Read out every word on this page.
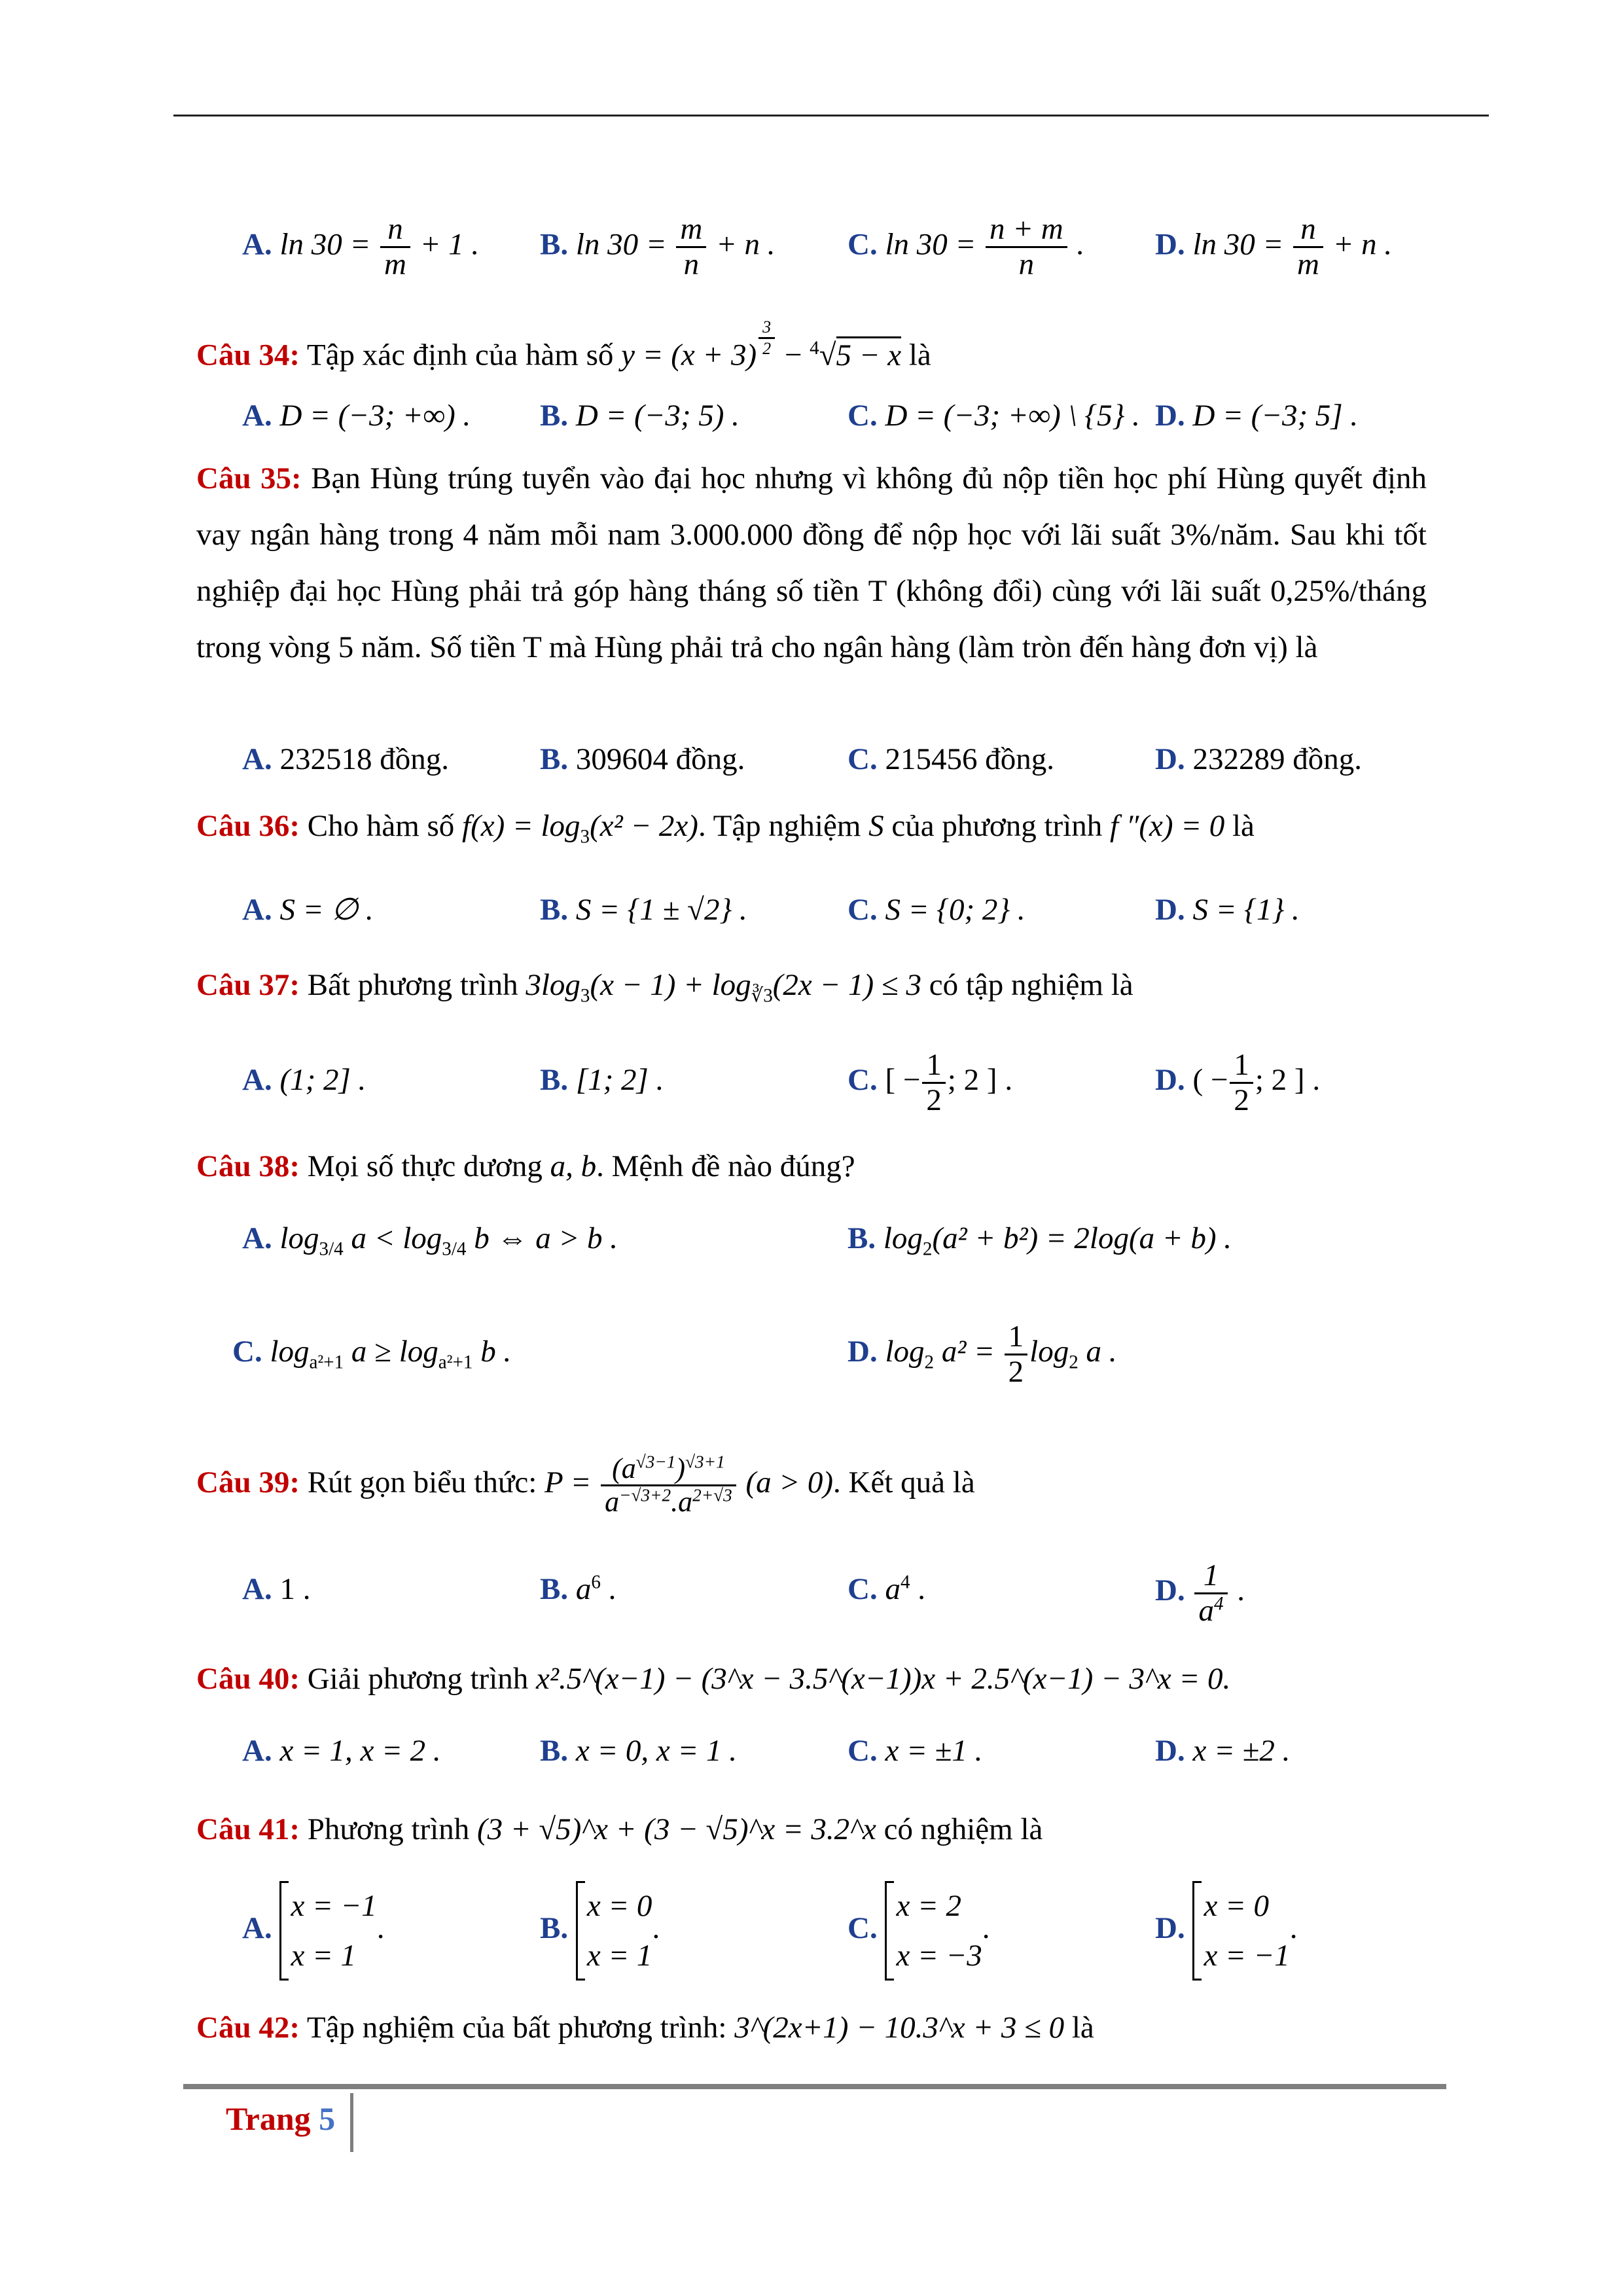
A. $\ln 30 = \frac{n}{m} + 1$ . B. $\ln 30 = \frac{m}{n} + n$ . C. $\ln 30 = \frac{n + m}{n}$ . D. $\ln 30 = \frac{n}{m} + n$ .
Câu 34: Tập xác định của hàm số $y = (x + 3) \frac{3}{2} - ^4√5 - x$ là
A. D = (−3; +∞) . B. D = (−3; 5) .	C. D = (−3; +∞) \ {5} . D. D = (−3; 5] .
Câu 35: Bạn Hùng trúng tuyển vào đại học nhưng vì không đủ nộp tiền học phí Hùng quyết định vay ngân hàng trong 4 năm mỗi nam 3.000.000 đồng để nộp học với lãi suất 3%/năm. Sau khi tốt nghiệp đại học Hùng phải trả góp hàng tháng số tiền T (không đổi) cùng với lãi suất 0,25%/tháng trong vòng 5 năm. Số tiền T mà Hùng phải trả cho ngân hàng (làm tròn đến hàng đơn vị) là
A. 232518 đồng.	B. 309604 đồng.	C. 215456 đồng.	D. 232289 đồng.
Câu 36: Cho hàm số $f(x) = \log_3(x^2 - 2x)$. Tập nghiệm S của phương trình f ″(x) = 0 là
A. S = ∅ .	B. S = {1 ± √2} .	C. S = {0; 2} .	D. S = {1} .
Câu 37: Bất phương trình $3\log_3(x - 1) + \log_{∛3}(2x - 1) \le 3$ có tập nghiệm là
A. (1; 2] .	B. [1; 2] .	C. [ − $\frac{1}{2}$ ; 2 ] .	D. ( − $\frac{1}{2}$ ; 2 ] .
Câu 38: Mọi số thực dương a, b. Mệnh đề nào đúng?
A. $\log_{3/4} a < \log_{3/4} b$ ⇔ a > b .	B. $\log_2(a^2 + b^2) = 2\log(a + b)$ .
C. $\log_{a^2+1} a \ge \log_{a^2+1} b$ .	D. $\log_2 a^2 = \frac{1}{2} \log_2 a$ .
Câu 39: Rút gọn biểu thức: $P = \frac{(a^{√3-1})^{√3+1}}{a^{-√3+2}.a^{2+√3}} (a > 0)$. Kết quả là
A. 1 .	B. $a^6$ .	C. $a^4$ .	D. $\frac{1}{a^4}$ .
Câu 40: Giải phương trình x².5^(x−1) − (3^x − 3.5^(x−1))x + 2.5^(x−1) − 3^x = 0.
A. x = 1, x = 2 .	B. x = 0, x = 1 .	C. x = ±1 .	D. x = ±2 .
Câu 41: Phương trình (3 + √5)^x + (3 − √5)^x = 3.2^x có nghiệm là
A.
x = −1
x = 1
.	B.
x = 0
x = 1
.	C.
x = 2
x = −3
.	D.
x = 0
x = −1
.
Câu 42: Tập nghiệm của bất phương trình: 3^(2x+1) − 10.3^x + 3 ≤ 0 là
Trang 5
